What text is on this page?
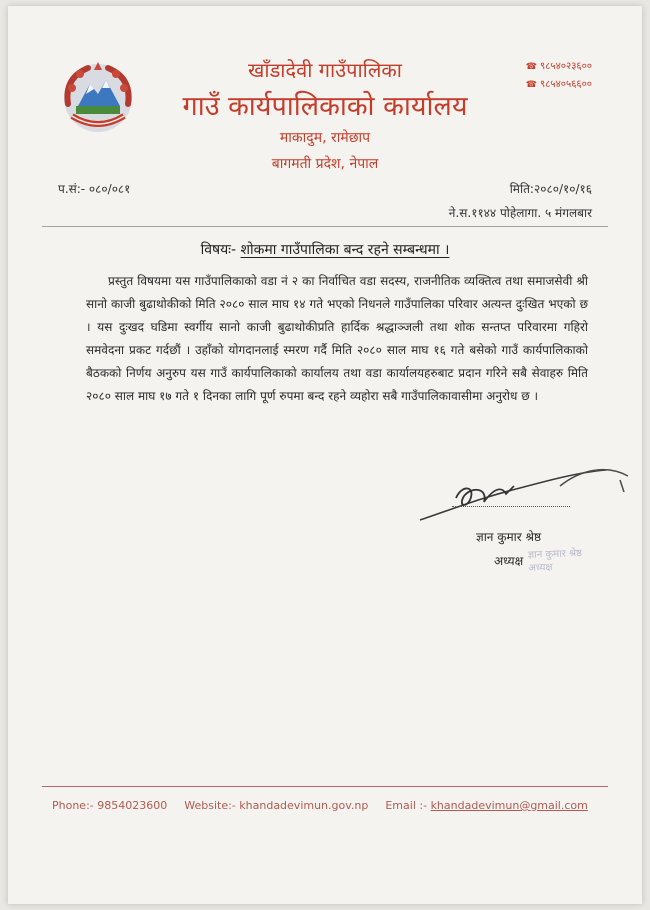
खाँडादेवी गाउँपालिका
गाउँ कार्यपालिकाको कार्यालय
माकादुम, रामेछाप
बागमती प्रदेश, नेपाल
☎ ९८५४०२३६००
☎ ९८५४०५६६००
प.सं:- ०८०/०८१	मिति:२०८०/१०/१६
ने.स.११४४ पोहेलागा. ५ मंगलबार
विषयः- शोकमा गाउँपालिका बन्द रहने सम्बन्धमा ।
प्रस्तुत विषयमा यस गाउँपालिकाको वडा नं २ का निर्वाचित वडा सदस्य, राजनीतिक व्यक्तित्व तथा समाजसेवी श्री सानो काजी बुढाथोकीको मिति २०८० साल माघ १४ गते भएको निधनले गाउँपालिका परिवार अत्यन्त दुःखित भएको छ । यस दुःखद घडिमा स्वर्गीय सानो काजी बुढाथोकीप्रति हार्दिक श्रद्धाञ्जली तथा शोक सन्तप्त परिवारमा गहिरो समवेदना प्रकट गर्दछौं । उहाँको योगदानलाई स्मरण गर्दै मिति २०८० साल माघ १६ गते बसेको गाउँ कार्यपालिकाको बैठकको निर्णय अनुरुप यस गाउँ कार्यपालिकाको कार्यालय तथा वडा कार्यालयहरुबाट प्रदान गरिने सबै सेवाहरु मिति २०८० साल माघ १७ गते १ दिनका लागि पूर्ण रुपमा बन्द रहने व्यहोरा सबै गाउँपालिकावासीमा अनुरोध छ ।
ज्ञान कुमार श्रेष्ठ
अध्यक्ष
ज्ञान कुमार श्रेष्ठ
अध्यक्ष
Phone:- 9854023600 Website:- khandadevimun.gov.np Email :- khandadevimun@gmail.com
